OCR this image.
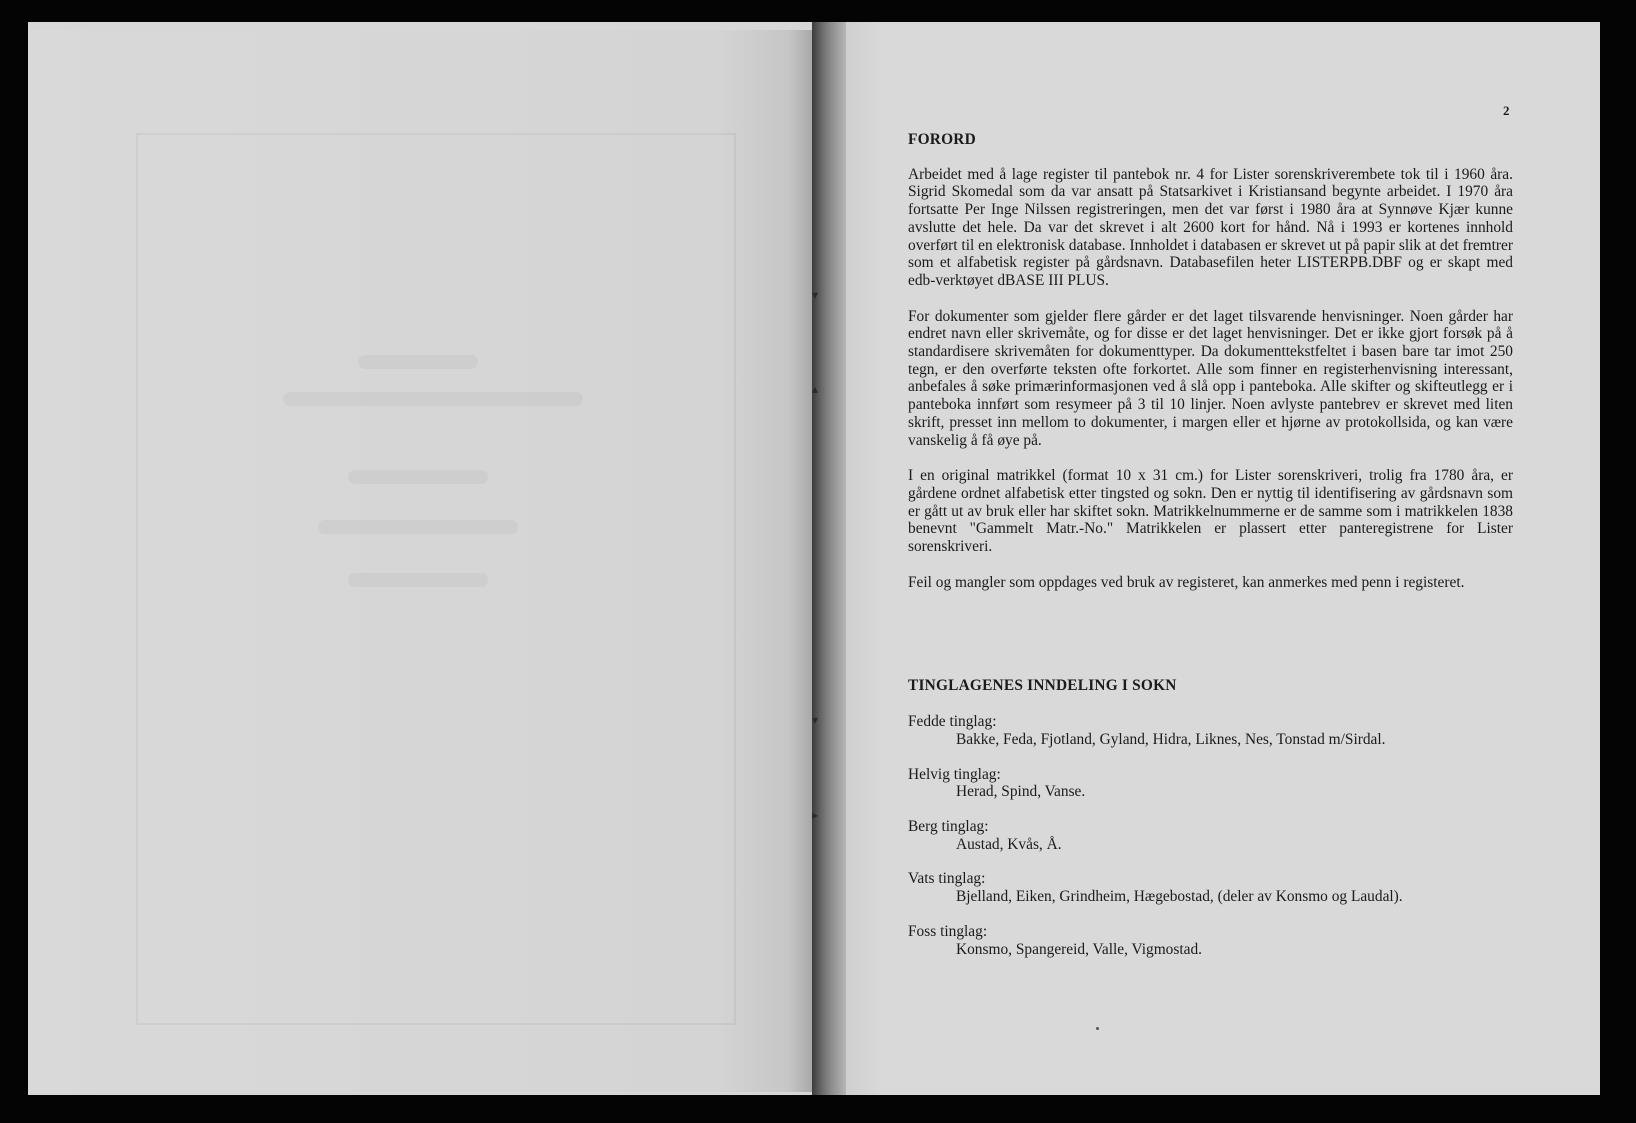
▾
▴
▾
▸
2
FORORD

Arbeidet med å lage register til pantebok nr. 4 for Lister sorenskriverembete tok til i 1960 åra. Sigrid Skomedal som da var ansatt på Statsarkivet i Kristiansand begynte arbeidet. I 1970 åra fortsatte Per Inge Nilssen registreringen, men det var først i 1980 åra at Synnøve Kjær kunne avslutte det hele. Da var det skrevet i alt 2600 kort for hånd. Nå i 1993 er kortenes innhold overført til en elektronisk database. Innholdet i databasen er skrevet ut på papir slik at det fremtrer som et alfabetisk register på gårdsnavn. Databasefilen heter LISTERPB.DBF og er skapt med edb-verktøyet dBASE III PLUS.

For dokumenter som gjelder flere gårder er det laget tilsvarende henvisninger. Noen gårder har endret navn eller skrivemåte, og for disse er det laget henvisninger. Det er ikke gjort forsøk på å standardisere skrivemåten for dokumenttyper. Da dokumenttekstfeltet i basen bare tar imot 250 tegn, er den overførte teksten ofte forkortet. Alle som finner en registerhenvisning interessant, anbefales å søke primærinformasjonen ved å slå opp i panteboka. Alle skifter og skifteutlegg er i panteboka innført som resymeer på 3 til 10 linjer. Noen avlyste pantebrev er skrevet med liten skrift, presset inn mellom to dokumenter, i margen eller et hjørne av protokollsida, og kan være vanskelig å få øye på.

I en original matrikkel (format 10 x 31 cm.) for Lister sorenskriveri, trolig fra 1780 åra, er gårdene ordnet alfabetisk etter tingsted og sokn. Den er nyttig til identifisering av gårdsnavn som er gått ut av bruk eller har skiftet sokn. Matrikkelnummerne er de samme som i matrikkelen 1838 benevnt "Gammelt Matr.-No." Matrikkelen er plassert etter panteregistrene for Lister sorenskriveri.

Feil og mangler som oppdages ved bruk av registeret, kan anmerkes med penn i registeret.

TINGLAGENES INNDELING I SOKN

Fedde tinglag:

Bakke, Feda, Fjotland, Gyland, Hidra, Liknes, Nes, Tonstad m/Sirdal.

Helvig tinglag:

Herad, Spind, Vanse.

Berg tinglag:

Austad, Kvås, Å.

Vats tinglag:

Bjelland, Eiken, Grindheim, Hægebostad, (deler av Konsmo og Laudal).

Foss tinglag:

Konsmo, Spangereid, Valle, Vigmostad.
